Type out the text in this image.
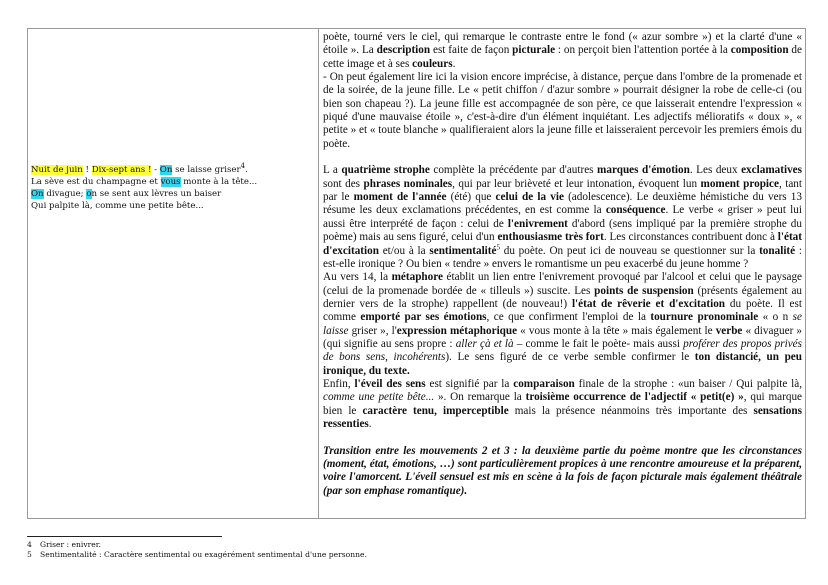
Nuit de juin ! Dix-sept ans ! - On se laisse griser$^4$.
La sève est du champagne et vous monte à la tête...
On divague; on se sent aux lèvres un baiser
Qui palpite là, comme une petite bête...

poète, tourné vers le ciel, qui remarque le contraste entre le fond (« azur sombre ») et la clarté d'une « étoile ». La description est faite de façon picturale : on perçoit bien l'attention portée à la composition de cette image et à ses couleurs.

- On peut également lire ici la vision encore imprécise, à distance, perçue dans l'ombre de la promenade et de la soirée, de la jeune fille. Le « petit chiffon / d'azur sombre » pourrait désigner la robe de celle-ci (ou bien son chapeau ?). La jeune fille est accompagnée de son père, ce que laisserait entendre l'expression « piqué d'une mauvaise étoile », c'est-à-dire d'un élément inquiétant. Les adjectifs mélioratifs « doux », « petite » et « toute blanche » qualifieraient alors la jeune fille et laisseraient percevoir les premiers émois du poète.

L a quatrième strophe complète la précédente par d'autres marques d'émotion. Les deux exclamatives sont des phrases nominales, qui par leur brièveté et leur intonation, évoquent lun moment propice, tant par le moment de l'année (été) que celui de la vie (adolescence). Le deuxième hémistiche du vers 13 résume les deux exclamations précédentes, en est comme la conséquence. Le verbe « griser » peut lui aussi être interprété de façon : celui de l'enivrement d'abord (sens impliqué par la première strophe du poème) mais au sens figuré, celui d'un enthousiasme très fort. Les circonstances contribuent donc à l'état d'excitation et/ou à la sentimentalité$^5$ du poète. On peut ici de nouveau se questionner sur la tonalité : est-elle ironique ? Ou bien « tendre » envers le romantisme un peu exacerbé du jeune homme ?

Au vers 14, la métaphore établit un lien entre l'enivrement provoqué par l'alcool et celui que le paysage (celui de la promenade bordée de « tilleuls ») suscite. Les points de suspension (présents également au dernier vers de la strophe) rappellent (de nouveau!) l'état de rêverie et d'excitation du poète. Il est comme emporté par ses émotions, ce que confirment l'emploi de la tournure pronominale « o n se laisse griser », l'expression métaphorique « vous monte à la tête » mais également le verbe « divaguer » (qui signifie au sens propre : aller çà et là – comme le fait le poète- mais aussi proférer des propos privés de bons sens, incohérents). Le sens figuré de ce verbe semble confirmer le ton distancié, un peu ironique, du texte.

Enfin, l'éveil des sens est signifié par la comparaison finale de la strophe : «un baiser / Qui palpite là, comme une petite bête... ». On remarque la troisième occurrence de l'adjectif « petit(e) », qui marque bien le caractère tenu, imperceptible mais la présence néanmoins très importante des sensations ressenties.

Transition entre les mouvements 2 et 3 : la deuxième partie du poème montre que les circonstances (moment, état, émotions, …) sont particulièrement propices à une rencontre amoureuse et la préparent, voire l'amorcent. L'éveil sensuel est mis en scène à la fois de façon picturale mais également théâtrale (par son emphase romantique).

4 Griser : enivrer.
5 Sentimentalité : Caractère sentimental ou exagérément sentimental d'une personne.
